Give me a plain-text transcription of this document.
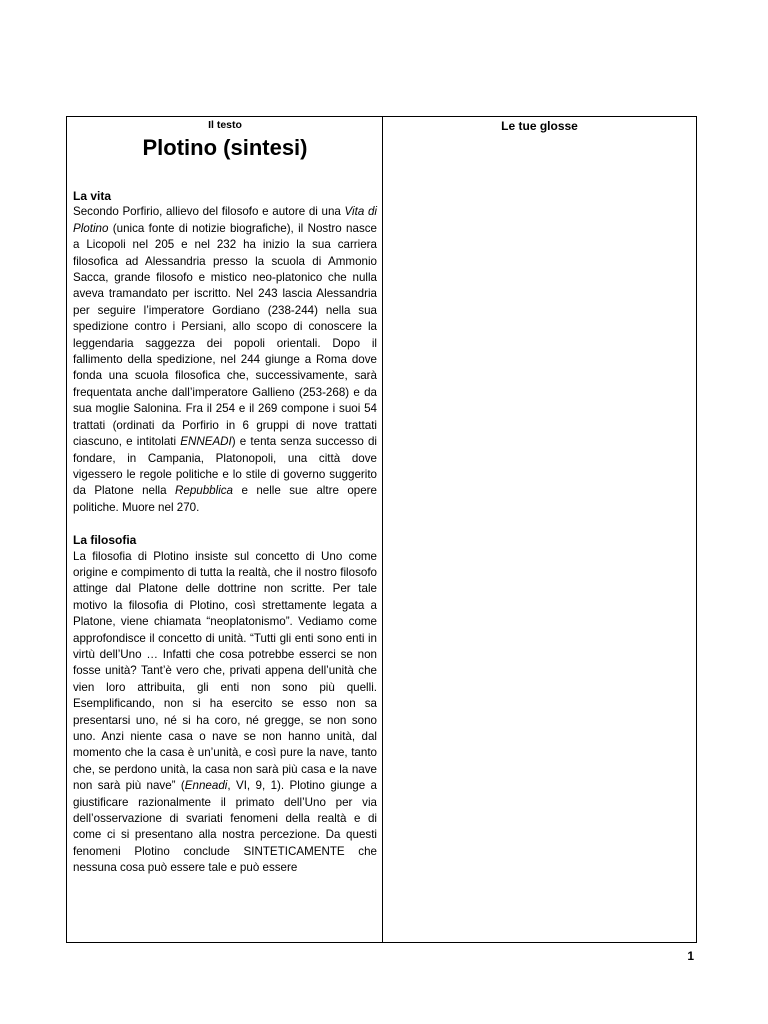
Il testo
Plotino (sintesi)
La vita

Secondo Porfirio, allievo del filosofo e autore di una Vita di Plotino (unica fonte di notizie biografiche), il Nostro nasce a Licopoli nel 205 e nel 232 ha inizio la sua carriera filosofica ad Alessandria presso la scuola di Ammonio Sacca, grande filosofo e mistico neo-platonico che nulla aveva tramandato per iscritto. Nel 243 lascia Alessandria per seguire l’imperatore Gordiano (238-244) nella sua spedizione contro i Persiani, allo scopo di conoscere la leggendaria saggezza dei popoli orientali. Dopo il fallimento della spedizione, nel 244 giunge a Roma dove fonda una scuola filosofica che, successivamente, sarà frequentata anche dall’imperatore Gallieno (253-268) e da sua moglie Salonina. Fra il 254 e il 269 compone i suoi 54 trattati (ordinati da Porfirio in 6 gruppi di nove trattati ciascuno, e intitolati ENNEADI) e tenta senza successo di fondare, in Campania, Platonopoli, una città dove vigessero le regole politiche e lo stile di governo suggerito da Platone nella Repubblica e nelle sue altre opere politiche. Muore nel 270.

La filosofia

La filosofia di Plotino insiste sul concetto di Uno come origine e compimento di tutta la realtà, che il nostro filosofo attinge dal Platone delle dottrine non scritte. Per tale motivo la filosofia di Plotino, così strettamente legata a Platone, viene chiamata “neoplatonismo”. Vediamo come approfondisce il concetto di unità. “Tutti gli enti sono enti in virtù dell’Uno … Infatti che cosa potrebbe esserci se non fosse unità? Tant’è vero che, privati appena dell’unità che vien loro attribuita, gli enti non sono più quelli. Esemplificando, non si ha esercito se esso non sa presentarsi uno, né si ha coro, né gregge, se non sono uno. Anzi niente casa o nave se non hanno unità, dal momento che la casa è un’unità, e così pure la nave, tanto che, se perdono unità, la casa non sarà più casa e la nave non sarà più nave” (Enneadi, VI, 9, 1). Plotino giunge a giustificare razionalmente il primato dell’Uno per via dell’osservazione di svariati fenomeni della realtà e di come ci si presentano alla nostra percezione. Da questi fenomeni Plotino conclude SINTETICAMENTE che nessuna cosa può essere tale e può essere

Le tue glosse
1
